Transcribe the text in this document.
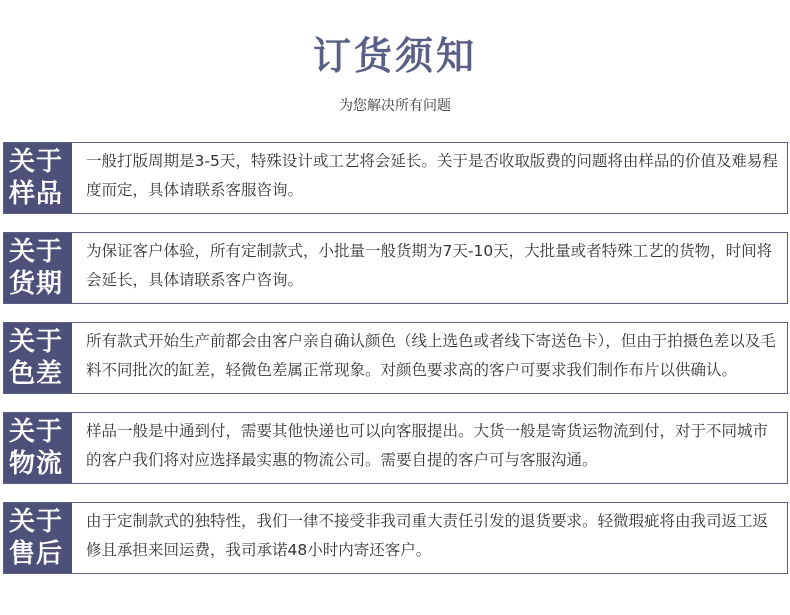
订货须知
为您解决所有问题
关于
样品
一般打版周期是3-5天，特殊设计或工艺将会延长。关于是否收取版费的问题将由样品的价值及难易程度而定，具体请联系客服咨询。
关于
货期
为保证客户体验，所有定制款式，小批量一般货期为7天-10天，大批量或者特殊工艺的货物，时间将会延长，具体请联系客户咨询。
关于
色差
所有款式开始生产前都会由客户亲自确认颜色（线上选色或者线下寄送色卡），但由于拍摄色差以及毛料不同批次的缸差，轻微色差属正常现象。对颜色要求高的客户可要求我们制作布片以供确认。
关于
物流
样品一般是中通到付，需要其他快递也可以向客服提出。大货一般是寄货运物流到付，对于不同城市的客户我们将对应选择最实惠的物流公司。需要自提的客户可与客服沟通。
关于
售后
由于定制款式的独特性，我们一律不接受非我司重大责任引发的退货要求。轻微瑕疵将由我司返工返修且承担来回运费，我司承诺48小时内寄还客户。
